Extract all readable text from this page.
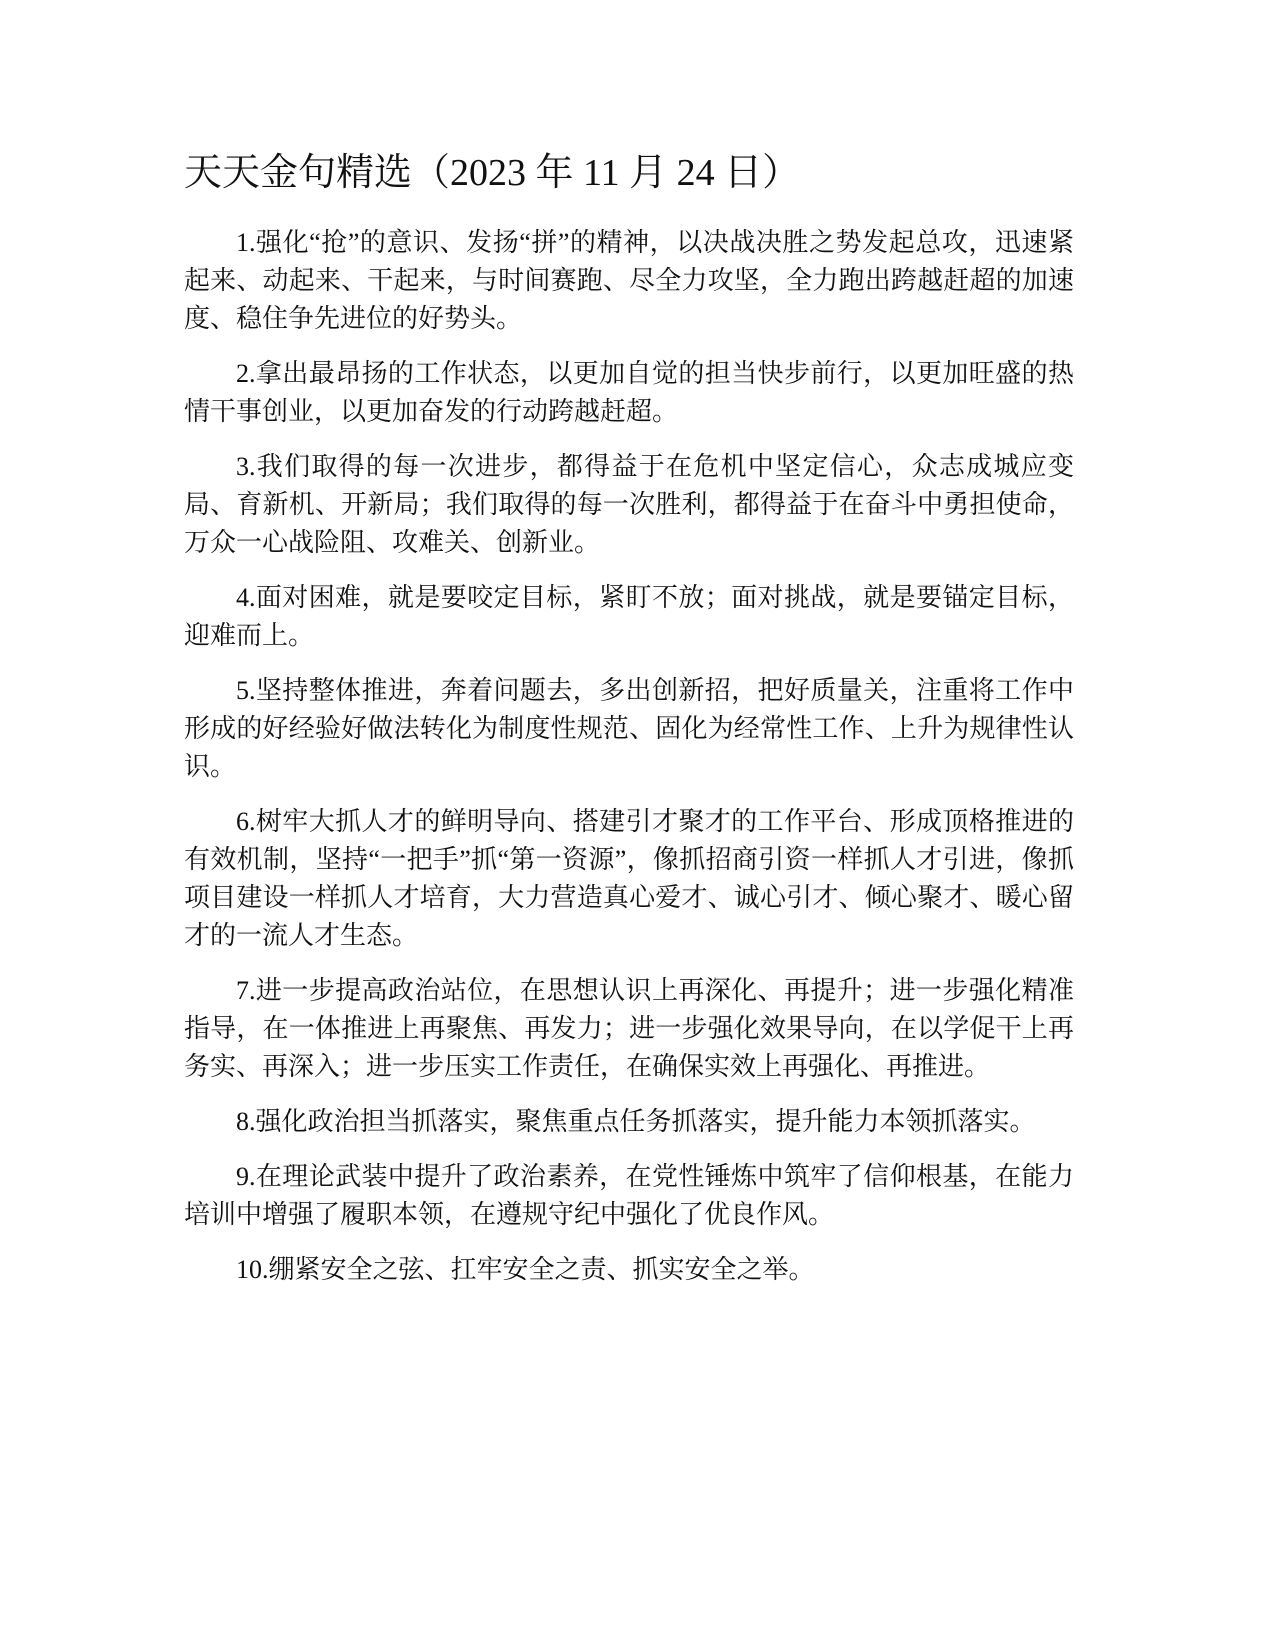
天天金句精选（2023 年 11 月 24 日）

1.强化“抢”的意识、发扬“拼”的精神，以决战决胜之势发起总攻，迅速紧起来、动起来、干起来，与时间赛跑、尽全力攻坚，全力跑出跨越赶超的加速度、稳住争先进位的好势头。

2.拿出最昂扬的工作状态，以更加自觉的担当快步前行，以更加旺盛的热情干事创业，以更加奋发的行动跨越赶超。

3.我们取得的每一次进步，都得益于在危机中坚定信心，众志成城应变局、育新机、开新局；我们取得的每一次胜利，都得益于在奋斗中勇担使命，万众一心战险阻、攻难关、创新业。

4.面对困难，就是要咬定目标，紧盯不放；面对挑战，就是要锚定目标，迎难而上。

5.坚持整体推进，奔着问题去，多出创新招，把好质量关，注重将工作中形成的好经验好做法转化为制度性规范、固化为经常性工作、上升为规律性认识。

6.树牢大抓人才的鲜明导向、搭建引才聚才的工作平台、形成顶格推进的有效机制，坚持“一把手”抓“第一资源”，像抓招商引资一样抓人才引进，像抓项目建设一样抓人才培育，大力营造真心爱才、诚心引才、倾心聚才、暖心留才的一流人才生态。

7.进一步提高政治站位，在思想认识上再深化、再提升；进一步强化精准指导，在一体推进上再聚焦、再发力；进一步强化效果导向，在以学促干上再务实、再深入；进一步压实工作责任，在确保实效上再强化、再推进。

8.强化政治担当抓落实，聚焦重点任务抓落实，提升能力本领抓落实。

9.在理论武装中提升了政治素养，在党性锤炼中筑牢了信仰根基，在能力培训中增强了履职本领，在遵规守纪中强化了优良作风。

10.绷紧安全之弦、扛牢安全之责、抓实安全之举。
